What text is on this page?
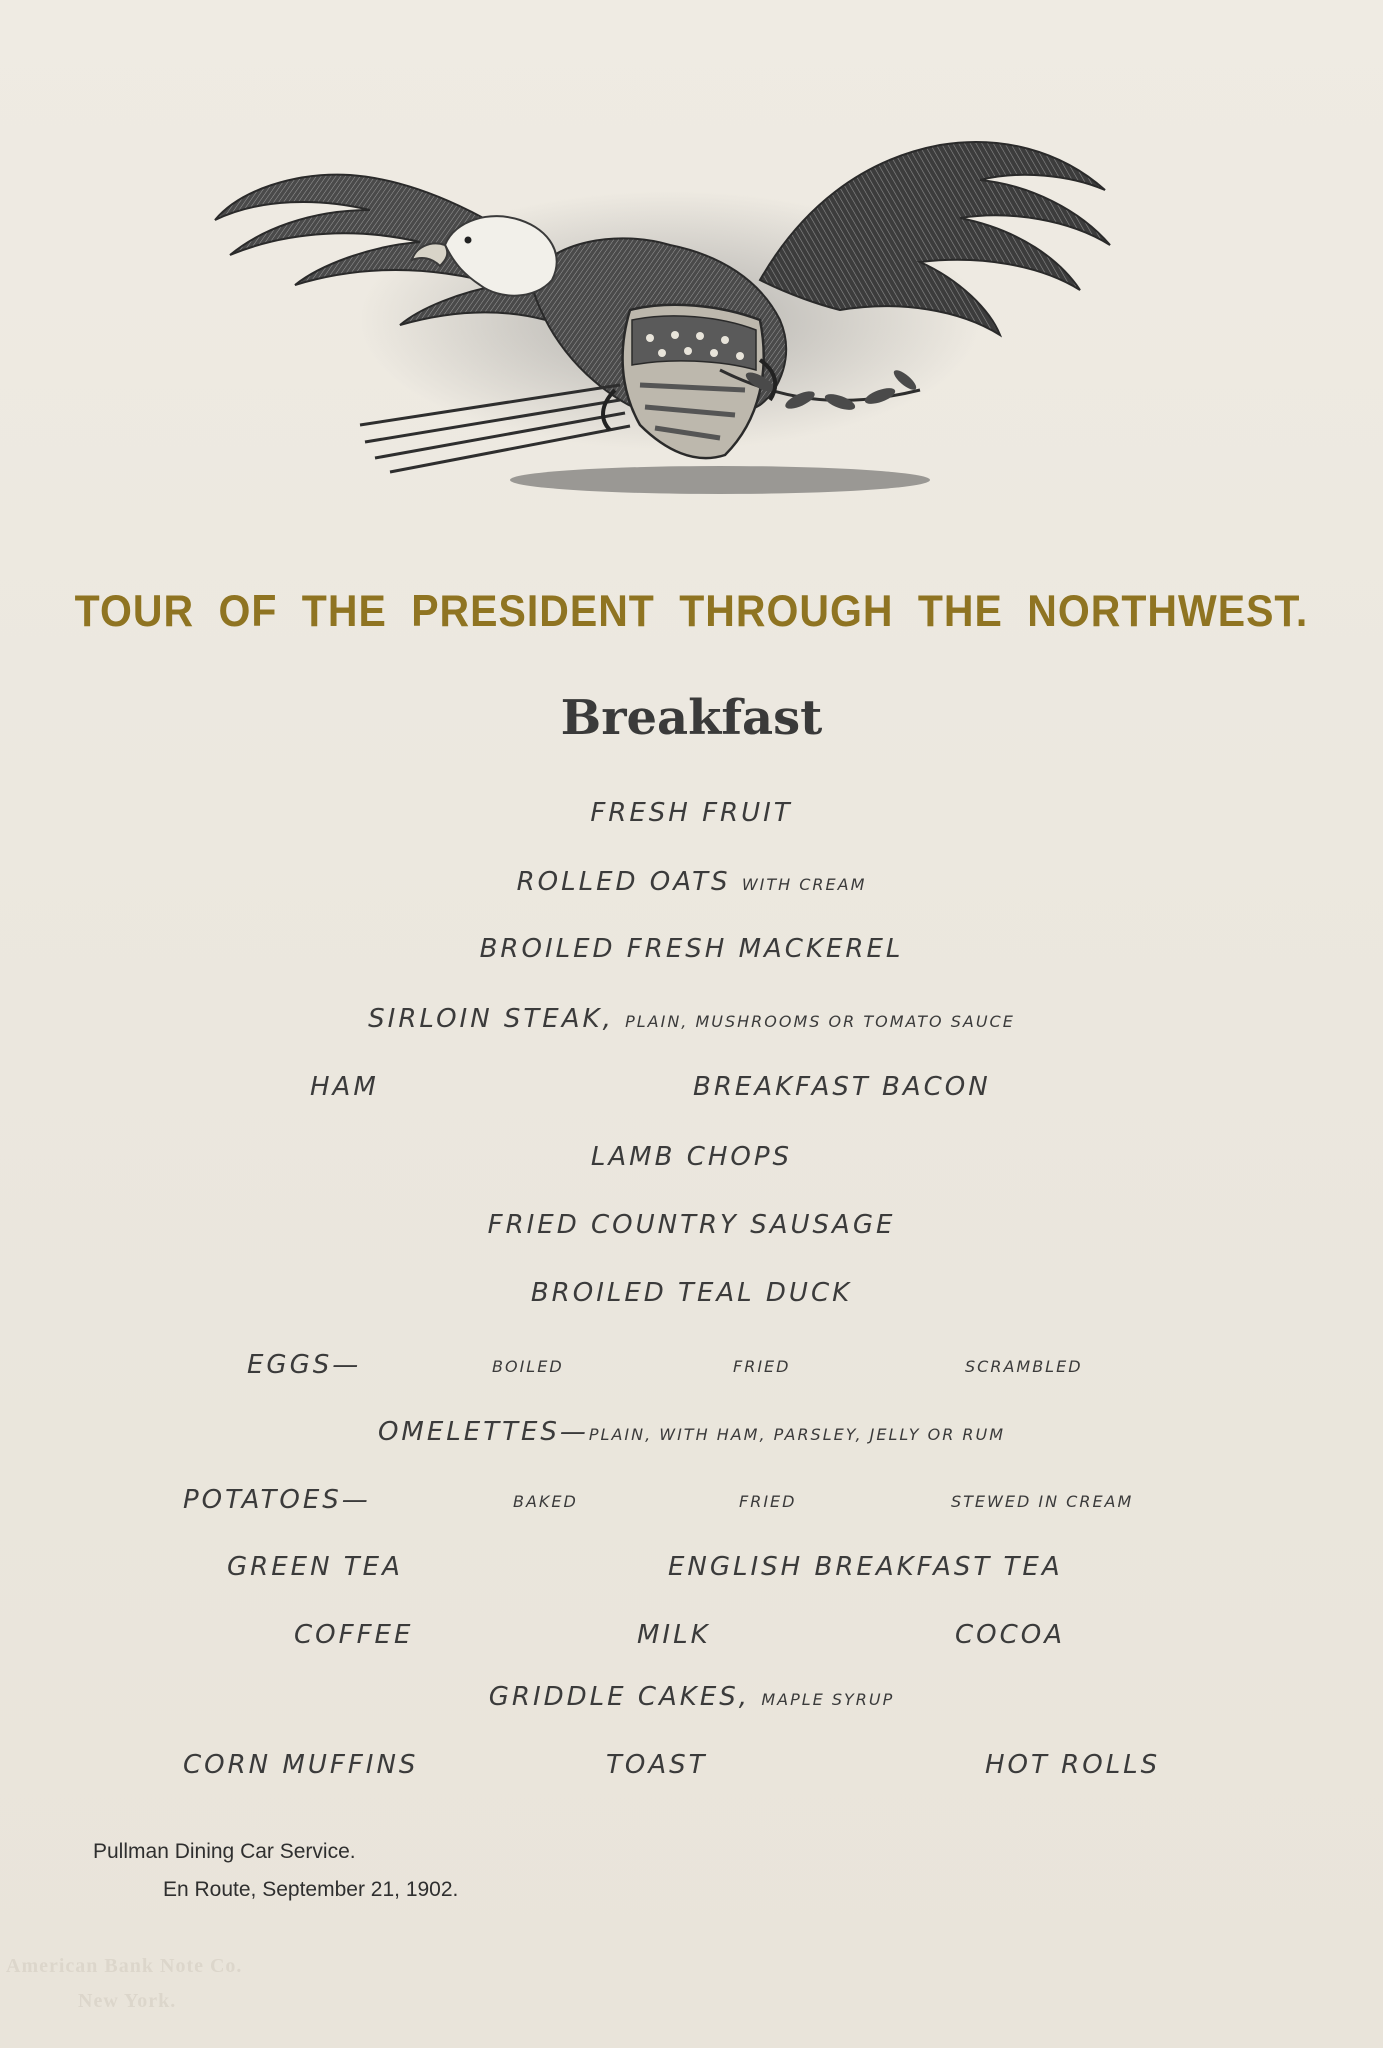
TOUR OF THE PRESIDENT THROUGH THE NORTHWEST.
Breakfast
FRESH FRUIT
ROLLED OATS WITH CREAM
BROILED FRESH MACKEREL
SIRLOIN STEAK, PLAIN, MUSHROOMS OR TOMATO SAUCE
HAM	BREAKFAST BACON
LAMB CHOPS
FRIED COUNTRY SAUSAGE
BROILED TEAL DUCK
EGGS—	BOILED	FRIED	SCRAMBLED
OMELETTES—PLAIN, WITH HAM, PARSLEY, JELLY OR RUM
POTATOES—	BAKED	FRIED	STEWED IN CREAM
GREEN TEA	ENGLISH BREAKFAST TEA
COFFEE	MILK	COCOA
GRIDDLE CAKES, MAPLE SYRUP
CORN MUFFINS	TOAST	HOT ROLLS
Pullman Dining Car Service.
En Route, September 21, 1902.
American Bank Note Co.
New York.
